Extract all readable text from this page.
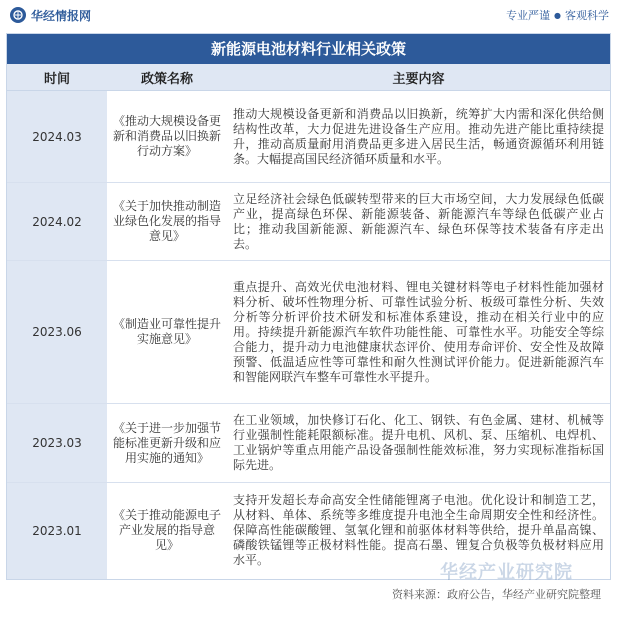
华经情报网	专业严谨 ● 客观科学
新能源电池材料行业相关政策
时间	政策名称	主要内容
2024.03	《推动大规模设备更新和消费品以旧换新行动方案》	推动大规模设备更新和消费品以旧换新，统筹扩大内需和深化供给侧结构性改革，大力促进先进设备生产应用。推动先进产能比重持续提升，推动高质量耐用消费品更多进入居民生活，畅通资源循环利用链条。大幅提高国民经济循环质量和水平。
2024.02	《关于加快推动制造业绿色化发展的指导意见》	立足经济社会绿色低碳转型带来的巨大市场空间，大力发展绿色低碳产业，提高绿色环保、新能源装备、新能源汽车等绿色低碳产业占比；推动我国新能源、新能源汽车、绿色环保等技术装备有序走出去。
2023.06	《制造业可靠性提升实施意见》	重点提升、高效光伏电池材料、锂电关键材料等电子材料性能加强材料分析、破坏性物理分析、可靠性试验分析、板级可靠性分析、失效分析等分析评价技术研发和标准体系建设，推动在相关行业中的应用。持续提升新能源汽车软件功能性能、可靠性水平。功能安全等综合能力，提升动力电池健康状态评价、使用寿命评价、安全性及故障预警、低温适应性等可靠性和耐久性测试评价能力。促进新能源汽车和智能网联汽车整车可靠性水平提升。
2023.03	《关于进一步加强节能标准更新升级和应用实施的通知》	在工业领域，加快修订石化、化工、钢铁、有色金属、建材、机械等行业强制性能耗限额标准。提升电机、风机、泵、压缩机、电焊机、工业锅炉等重点用能产品设备强制性能效标准，努力实现标准指标国际先进。
2023.01	《关于推动能源电子产业发展的指导意见》	支持开发超长寿命高安全性储能锂离子电池。优化设计和制造工艺，从材料、单体、系统等多维度提升电池全生命周期安全性和经济性。保障高性能碳酸锂、氢氧化锂和前驱体材料等供给，提升单晶高镍、磷酸铁锰锂等正极材料性能。提高石墨、锂复合负极等负极材料应用水平。
华经产业研究院
资料来源：政府公告，华经产业研究院整理
